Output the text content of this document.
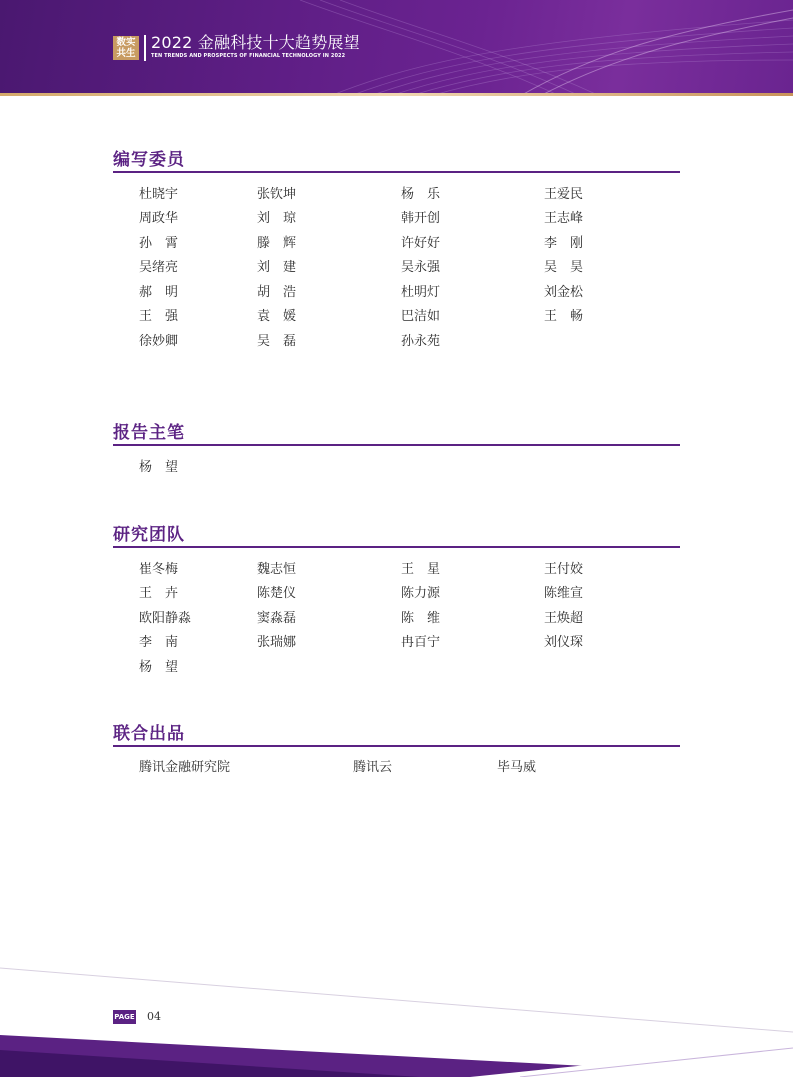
数实
共生
2022 金融科技十大趋势展望
TEN TRENDS AND PROSPECTS OF FINANCIAL TECHNOLOGY IN 2022
编写委员
杜晓宇	张钦坤	杨　乐	王爱民
周政华	刘　琼	韩开创	王志峰
孙　霄	滕　辉	许好好	李　刚
吴绪亮	刘　建	吴永强	吴　昊
郝　明	胡　浩	杜明灯	刘金松
王　强	袁　媛	巴洁如	王　畅
徐妙卿	吴　磊	孙永苑
报告主笔
杨　望
研究团队
崔冬梅	魏志恒	王　星	王付姣
王　卉	陈楚仪	陈力源	陈维宣
欧阳静淼	窦淼磊	陈　维	王焕超
李　南	张瑞娜	冉百宁	刘仪琛
杨　望
联合出品
腾讯金融研究院	腾讯云	毕马威
PAGE 04
